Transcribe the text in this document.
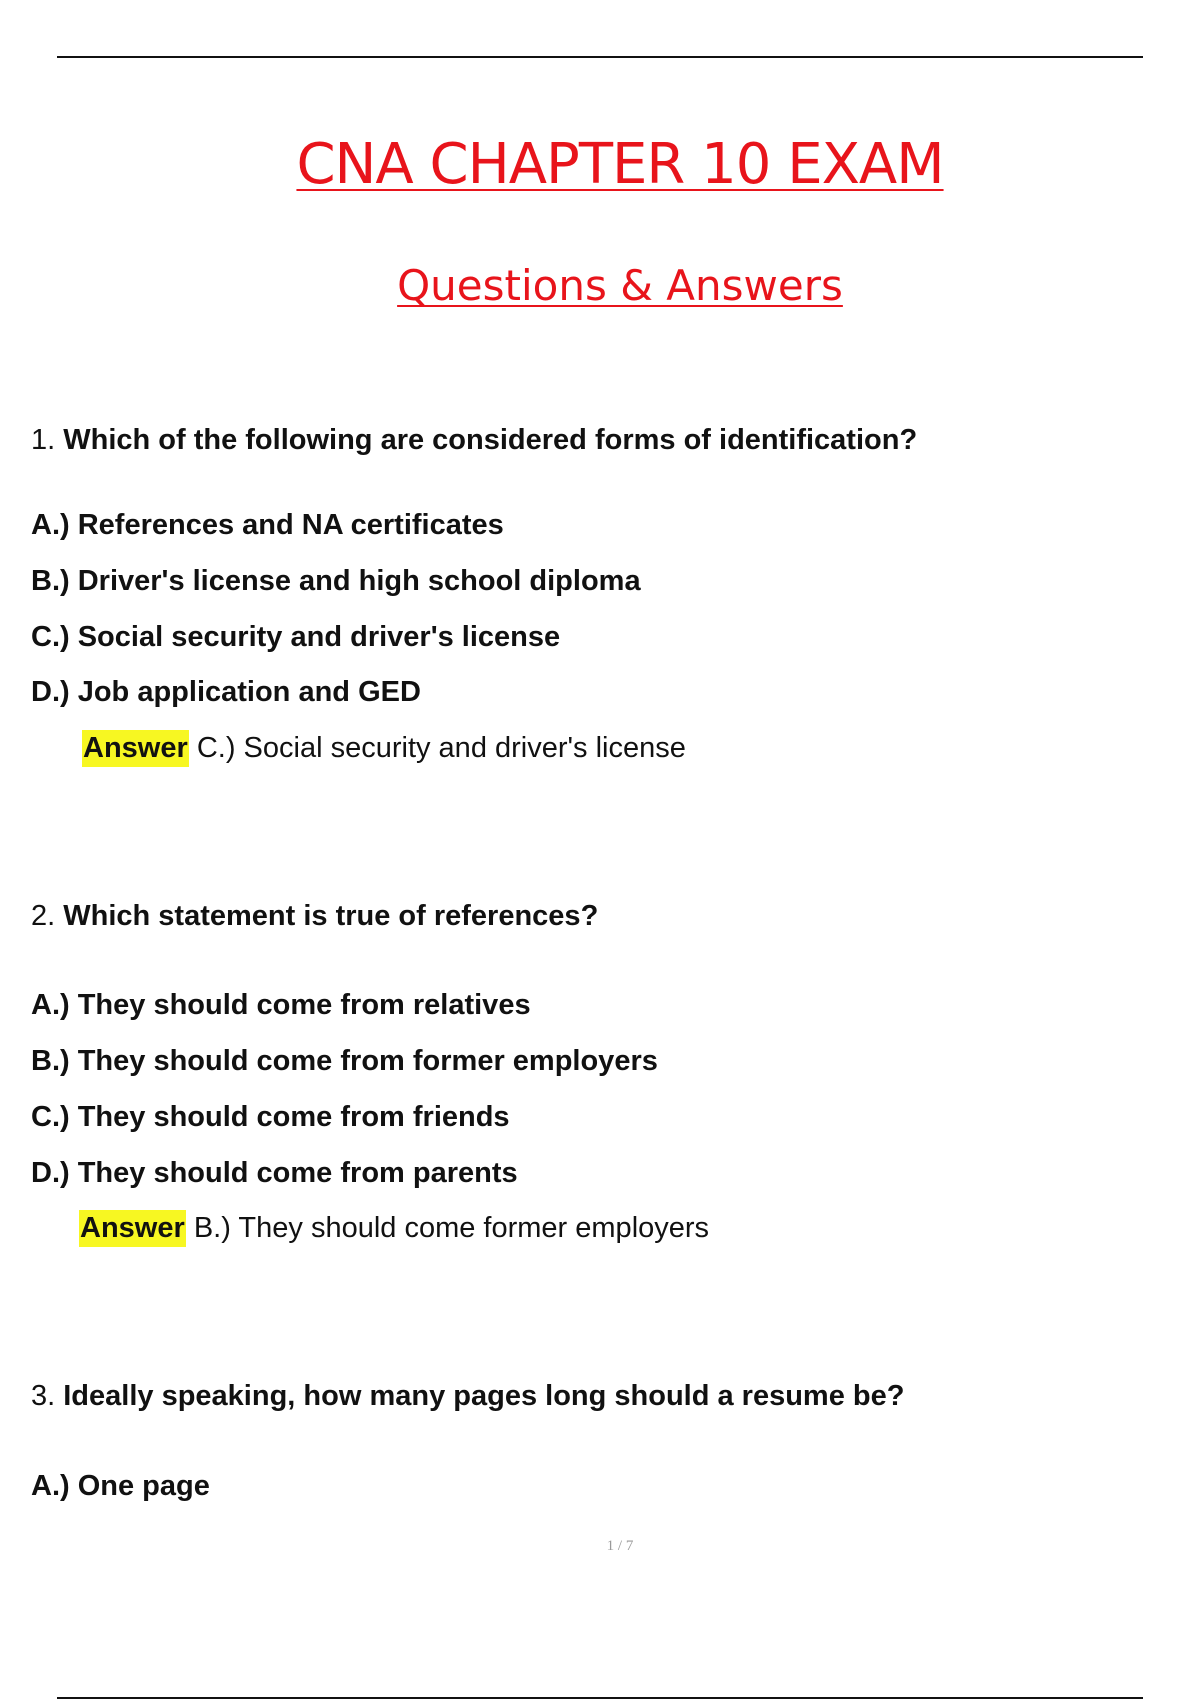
CNA CHAPTER 10 EXAM
Questions & Answers
1. Which of the following are considered forms of identification?
A.) References and NA certificates
B.) Driver's license and high school diploma
C.) Social security and driver's license
D.) Job application and GED
Answer C.) Social security and driver's license
2. Which statement is true of references?
A.) They should come from relatives
B.) They should come from former employers
C.) They should come from friends
D.) They should come from parents
Answer B.) They should come former employers
3. Ideally speaking, how many pages long should a resume be?
A.) One page
1 / 7
